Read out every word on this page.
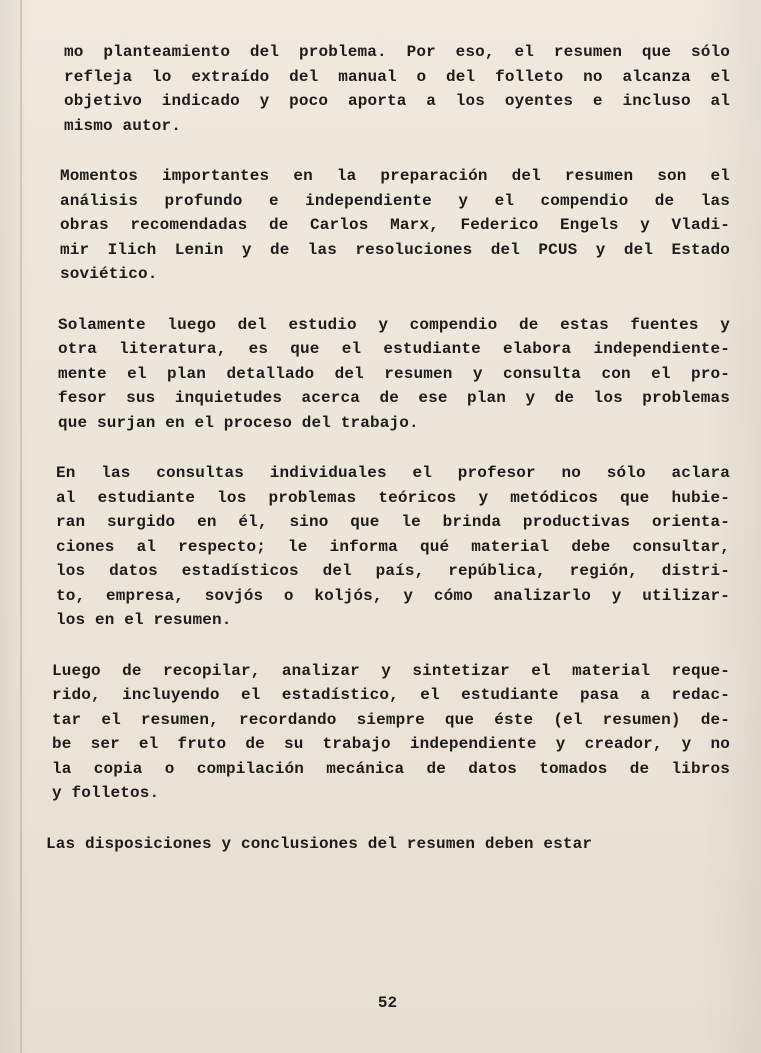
mo planteamiento del problema. Por eso, el resumen que sólo
refleja lo extraído del manual o del folleto no alcanza el
objetivo indicado y poco aporta a los oyentes e incluso al
mismo autor.
Momentos importantes en la preparación del resumen son el
análisis profundo e independiente y el compendio de las
obras recomendadas de Carlos Marx, Federico Engels y Vladi-
mir Ilich Lenin y de las resoluciones del PCUS y del Estado
soviético.
Solamente luego del estudio y compendio de estas fuentes y
otra literatura, es que el estudiante elabora independiente-
mente el plan detallado del resumen y consulta con el pro-
fesor sus inquietudes acerca de ese plan y de los problemas
que surjan en el proceso del trabajo.
En las consultas individuales el profesor no sólo aclara
al estudiante los problemas teóricos y metódicos que hubie-
ran surgido en él, sino que le brinda productivas orienta-
ciones al respecto; le informa qué material debe consultar,
los datos estadísticos del país, república, región, distri-
to, empresa, sovjós o koljós, y cómo analizarlo y utilizar-
los en el resumen.
Luego de recopilar, analizar y sintetizar el material reque-
rido, incluyendo el estadístico, el estudiante pasa a redac-
tar el resumen, recordando siempre que éste (el resumen) de-
be ser el fruto de su trabajo independiente y creador, y no
la copia o compilación mecánica de datos tomados de libros
y folletos.
Las disposiciones y conclusiones del resumen deben estar
52
